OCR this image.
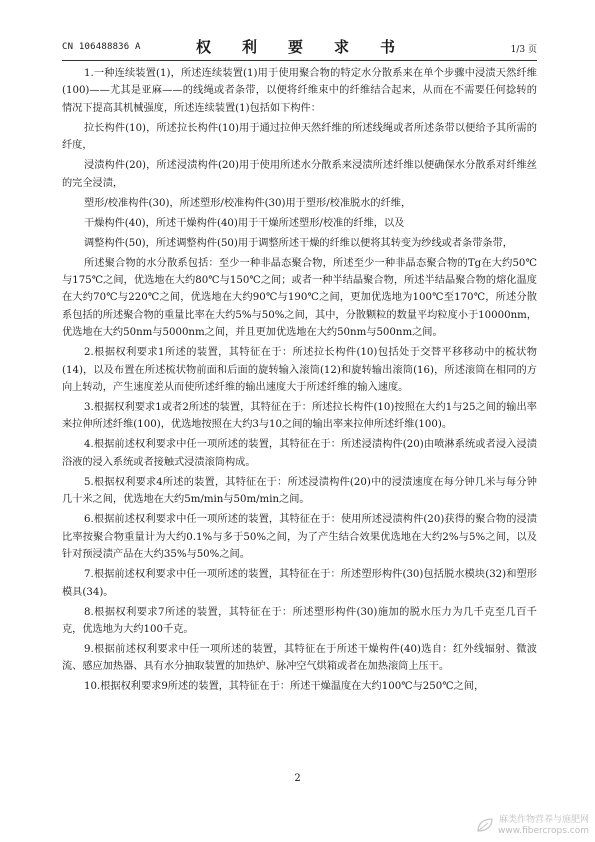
CN 106488836 A	权　利　要　求　书	1/3 页

1.一种连续装置(1)，所述连续装置(1)用于使用聚合物的特定水分散系来在单个步骤中浸渍天然纤维(100)——尤其是亚麻——的线绳或者条带，以便将纤维束中的纤维结合起来，从而在不需要任何捻转的情况下提高其机械强度，所述连续装置(1)包括如下构件：

拉长构件(10)，所述拉长构件(10)用于通过拉伸天然纤维的所述线绳或者所述条带以便给予其所需的纤度，

浸渍构件(20)，所述浸渍构件(20)用于使用所述水分散系来浸渍所述纤维以便确保水分散系对纤维丝的完全浸渍，

塑形/校准构件(30)，所述塑形/校准构件(30)用于塑形/校准脱水的纤维，

干燥构件(40)，所述干燥构件(40)用于干燥所述塑形/校准的纤维，以及

调整构件(50)，所述调整构件(50)用于调整所述干燥的纤维以便将其转变为纱线或者条带条带，

所述聚合物的水分散系包括：至少一种非晶态聚合物，所述至少一种非晶态聚合物的Tg在大约50℃与175℃之间，优选地在大约80℃与150℃之间；或者一种半结晶聚合物，所述半结晶聚合物的熔化温度在大约70℃与220℃之间，优选地在大约90℃与190℃之间，更加优选地为100℃至170℃，所述分散系包括的所述聚合物的重量比率在大约5%与50%之间，其中，分散颗粒的数量平均粒度小于10000nm，优选地在大约50nm与5000nm之间，并且更加优选地在大约50nm与500nm之间。

2.根据权利要求1所述的装置，其特征在于：所述拉长构件(10)包括处于交替平移移动中的梳状物(14)，以及布置在所述梳状物前面和后面的旋转输入滚筒(12)和旋转输出滚筒(16)，所述滚筒在相同的方向上转动，产生速度差从而使所述纤维的输出速度大于所述纤维的输入速度。

3.根据权利要求1或者2所述的装置，其特征在于：所述拉长构件(10)按照在大约1与25之间的输出率来拉伸所述纤维(100)，优选地按照在大约3与10之间的输出率来拉伸所述纤维(100)。

4.根据前述权利要求中任一项所述的装置，其特征在于：所述浸渍构件(20)由喷淋系统或者浸入浸渍浴液的浸入系统或者接触式浸渍滚筒构成。

5.根据权利要求4所述的装置，其特征在于：所述浸渍构件(20)中的浸渍速度在每分钟几米与每分钟几十米之间，优选地在大约5m/min与50m/min之间。

6.根据前述权利要求中任一项所述的装置，其特征在于：使用所述浸渍构件(20)获得的聚合物的浸渍比率按聚合物重量计为大约0.1%与多于50%之间，为了产生结合效果优选地在大约2%与5%之间，以及针对预浸渍产品在大约35%与50%之间。

7.根据前述权利要求中任一项所述的装置，其特征在于：所述塑形构件(30)包括脱水模块(32)和塑形模具(34)。

8.根据权利要求7所述的装置，其特征在于：所述塑形构件(30)施加的脱水压力为几千克至几百千克，优选地为大约100千克。

9.根据前述权利要求中任一项所述的装置，其特征在于所述干燥构件(40)选自：红外线辐射、微波流、感应加热器、具有水分抽取装置的加热炉、脉冲空气烘箱或者在加热滚筒上压干。

10.根据权利要求9所述的装置，其特征在于：所述干燥温度在大约100℃与250℃之间，

2
麻类作物营养与施肥网
www.fibercrops.com
